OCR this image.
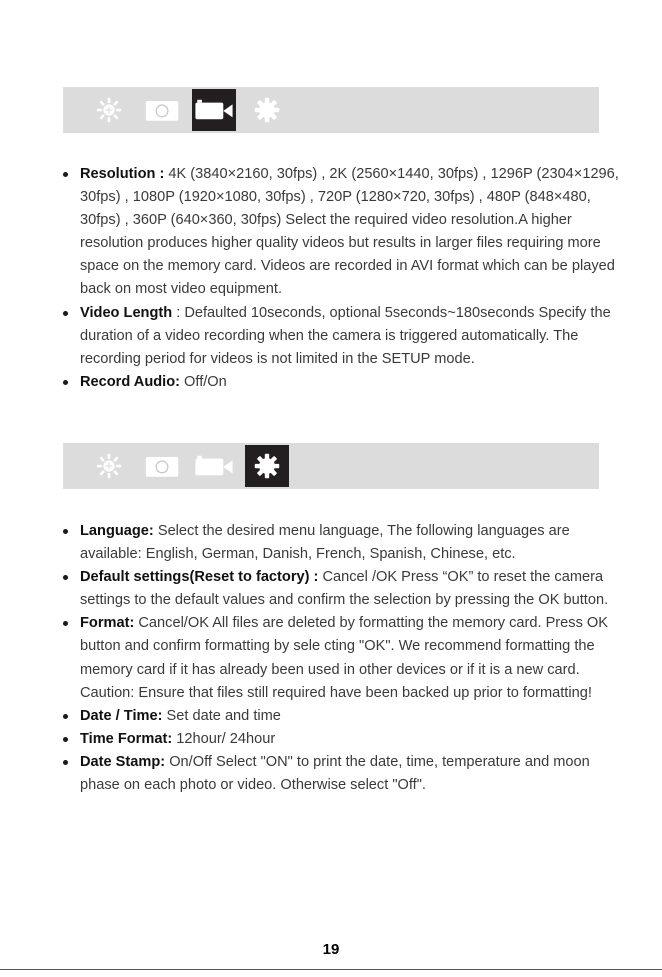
Resolution : 4K (3840×2160, 30fps) , 2K (2560×1440, 30fps) , 1296P (2304×1296, 30fps) , 1080P (1920×1080, 30fps) , 720P (1280×720, 30fps) , 480P (848×480, 30fps) , 360P (640×360, 30fps) Select the required video resolution.A higher resolution produces higher quality videos but results in larger files requiring more space on the memory card. Videos are recorded in AVI format which can be played back on most video equipment.
Video Length : Defaulted 10seconds, optional 5seconds~180seconds Specify the duration of a video recording when the camera is triggered automatically. The recording period for videos is not limited in the SETUP mode.
Record Audio: Off/On
Language: Select the desired menu language, The following languages are available: English, German, Danish, French, Spanish, Chinese, etc.
Default settings(Reset to factory) : Cancel /OK Press “OK” to reset the camera settings to the default values and confirm the selection by pressing the OK button.
Format: Cancel/OK All files are deleted by formatting the memory card. Press OK button and confirm formatting by sele cting "OK". We recommend formatting the memory card if it has already been used in other devices or if it is a new card. Caution: Ensure that files still required have been backed up prior to formatting!
Date / Time: Set date and time
Time Format: 12hour/ 24hour
Date Stamp: On/Off Select "ON" to print the date, time, temperature and moon phase on each photo or video. Otherwise select "Off".
19
